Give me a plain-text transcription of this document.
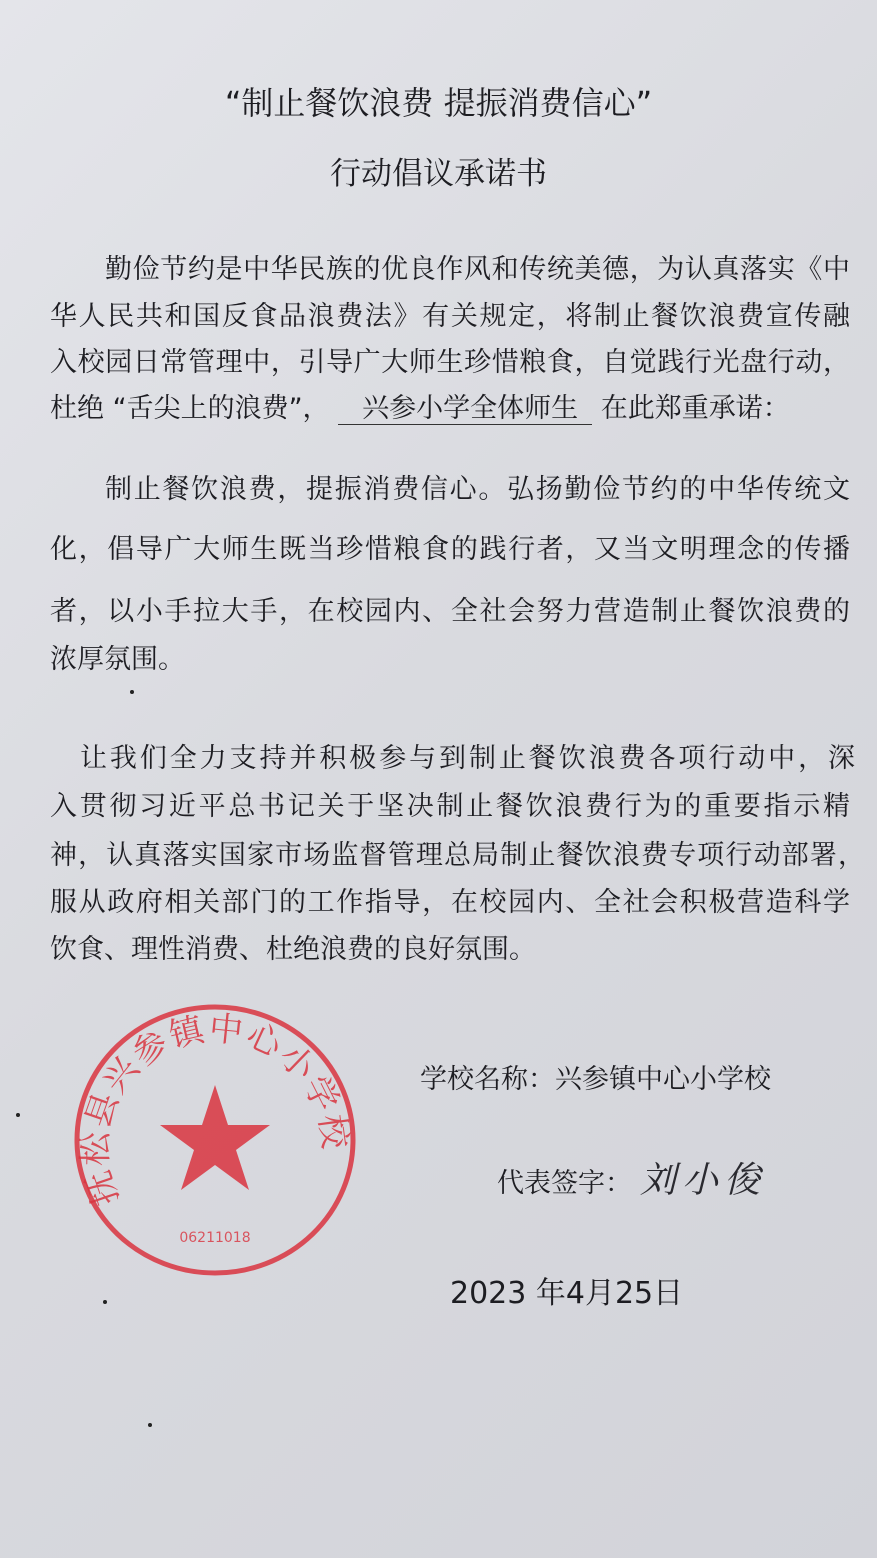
“制止餐饮浪费 提振消费信心”
行动倡议承诺书
勤俭节约是中华民族的优良作风和传统美德，为认真落实《中
华人民共和国反食品浪费法》有关规定，将制止餐饮浪费宣传融
入校园日常管理中，引导广大师生珍惜粮食，自觉践行光盘行动，
杜绝 “舌尖上的浪费”， 兴参小学全体师生 在此郑重承诺：
制止餐饮浪费，提振消费信心。弘扬勤俭节约的中华传统文
化，倡导广大师生既当珍惜粮食的践行者，又当文明理念的传播
者，以小手拉大手，在校园内、全社会努力营造制止餐饮浪费的
浓厚氛围。
让我们全力支持并积极参与到制止餐饮浪费各项行动中，深
入贯彻习近平总书记关于坚决制止餐饮浪费行为的重要指示精
神，认真落实国家市场监督管理总局制止餐饮浪费专项行动部署，
服从政府相关部门的工作指导，在校园内、全社会积极营造科学
饮食、理性消费、杜绝浪费的良好氛围。
学校名称：兴参镇中心小学校
代表签字： 刘小俊
2023 年4月25日
抚松县兴参镇中心小学校
06211018
